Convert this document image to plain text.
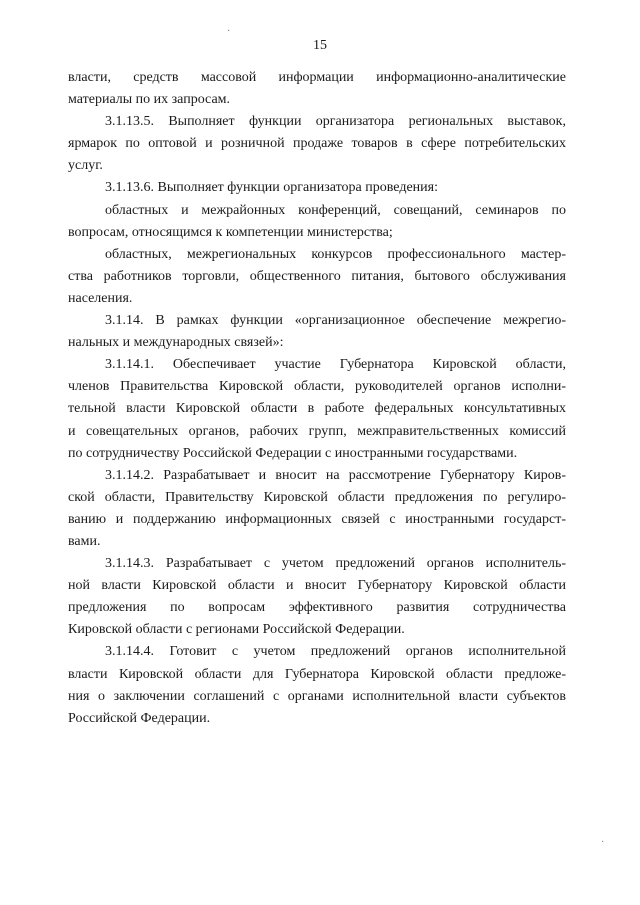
15
власти, средств массовой информации информационно-аналитические
материалы по их запросам.
3.1.13.5. Выполняет функции организатора региональных выставок,
ярмарок по оптовой и розничной продаже товаров в сфере потребительских
услуг.
3.1.13.6. Выполняет функции организатора проведения:
областных и межрайонных конференций, совещаний, семинаров по
вопросам, относящимся к компетенции министерства;
областных, межрегиональных конкурсов профессионального мастер-
ства работников торговли, общественного питания, бытового обслуживания
населения.
3.1.14. В рамках функции «организационное обеспечение межрегио-
нальных и международных связей»:
3.1.14.1. Обеспечивает участие Губернатора Кировской области,
членов Правительства Кировской области, руководителей органов исполни-
тельной власти Кировской области в работе федеральных консультативных
и совещательных органов, рабочих групп, межправительственных комиссий
по сотрудничеству Российской Федерации с иностранными государствами.
3.1.14.2. Разрабатывает и вносит на рассмотрение Губернатору Киров-
ской области, Правительству Кировской области предложения по регулиро-
ванию и поддержанию информационных связей с иностранными государст-
вами.
3.1.14.3. Разрабатывает с учетом предложений органов исполнитель-
ной власти Кировской области и вносит Губернатору Кировской области
предложения по вопросам эффективного развития сотрудничества
Кировской области с регионами Российской Федерации.
3.1.14.4. Готовит с учетом предложений органов исполнительной
власти Кировской области для Губернатора Кировской области предложе-
ния о заключении соглашений с органами исполнительной власти субъектов
Российской Федерации.
·
·
